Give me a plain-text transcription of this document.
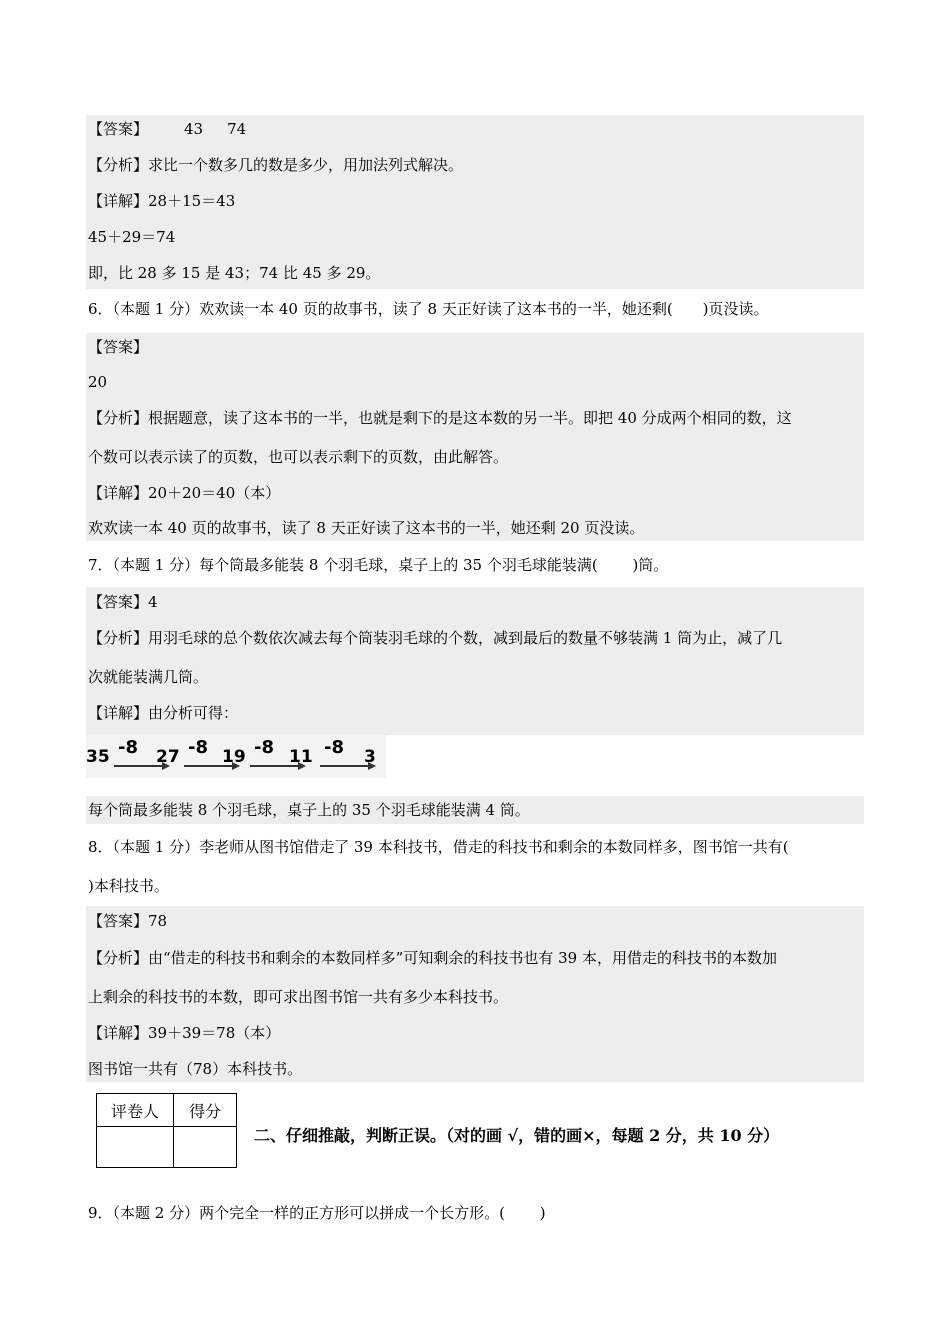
【答案】 43 74
【分析】求比一个数多几的数是多少，用加法列式解决。
【详解】28＋15＝43
45＋29＝74
即，比 28 多 15 是 43；74 比 45 多 29。
6．（本题 1 分）欢欢读一本 40 页的故事书，读了 8 天正好读了这本书的一半，她还剩(　　)页没读。
【答案】
20
【分析】根据题意，读了这本书的一半，也就是剩下的是这本数的另一半。即把 40 分成两个相同的数，这
个数可以表示读了的页数，也可以表示剩下的页数，由此解答。
【详解】20＋20＝40（本）
欢欢读一本 40 页的故事书，读了 8 天正好读了这本书的一半，她还剩 20 页没读。
7．（本题 1 分）每个筒最多能装 8 个羽毛球，桌子上的 35 个羽毛球能装满(　　 )筒。
【答案】4
【分析】用羽毛球的总个数依次减去每个筒装羽毛球的个数，减到最后的数量不够装满 1 筒为止，减了几
次就能装满几筒。
【详解】由分析可得：
35 -8 27 -8 19 -8 11 -8 3
每个筒最多能装 8 个羽毛球，桌子上的 35 个羽毛球能装满 4 筒。
8．（本题 1 分）李老师从图书馆借走了 39 本科技书，借走的科技书和剩余的本数同样多，图书馆一共有(
)本科技书。
【答案】78
【分析】由“借走的科技书和剩余的本数同样多”可知剩余的科技书也有 39 本，用借走的科技书的本数加
上剩余的科技书的本数，即可求出图书馆一共有多少本科技书。
【详解】39＋39＝78（本）
图书馆一共有（78）本科技书。
评卷人	得分

二、仔细推敲，判断正误。（对的画 √，错的画×，每题 2 分，共 10 分）
9．（本题 2 分）两个完全一样的正方形可以拼成一个长方形。(　　 )
